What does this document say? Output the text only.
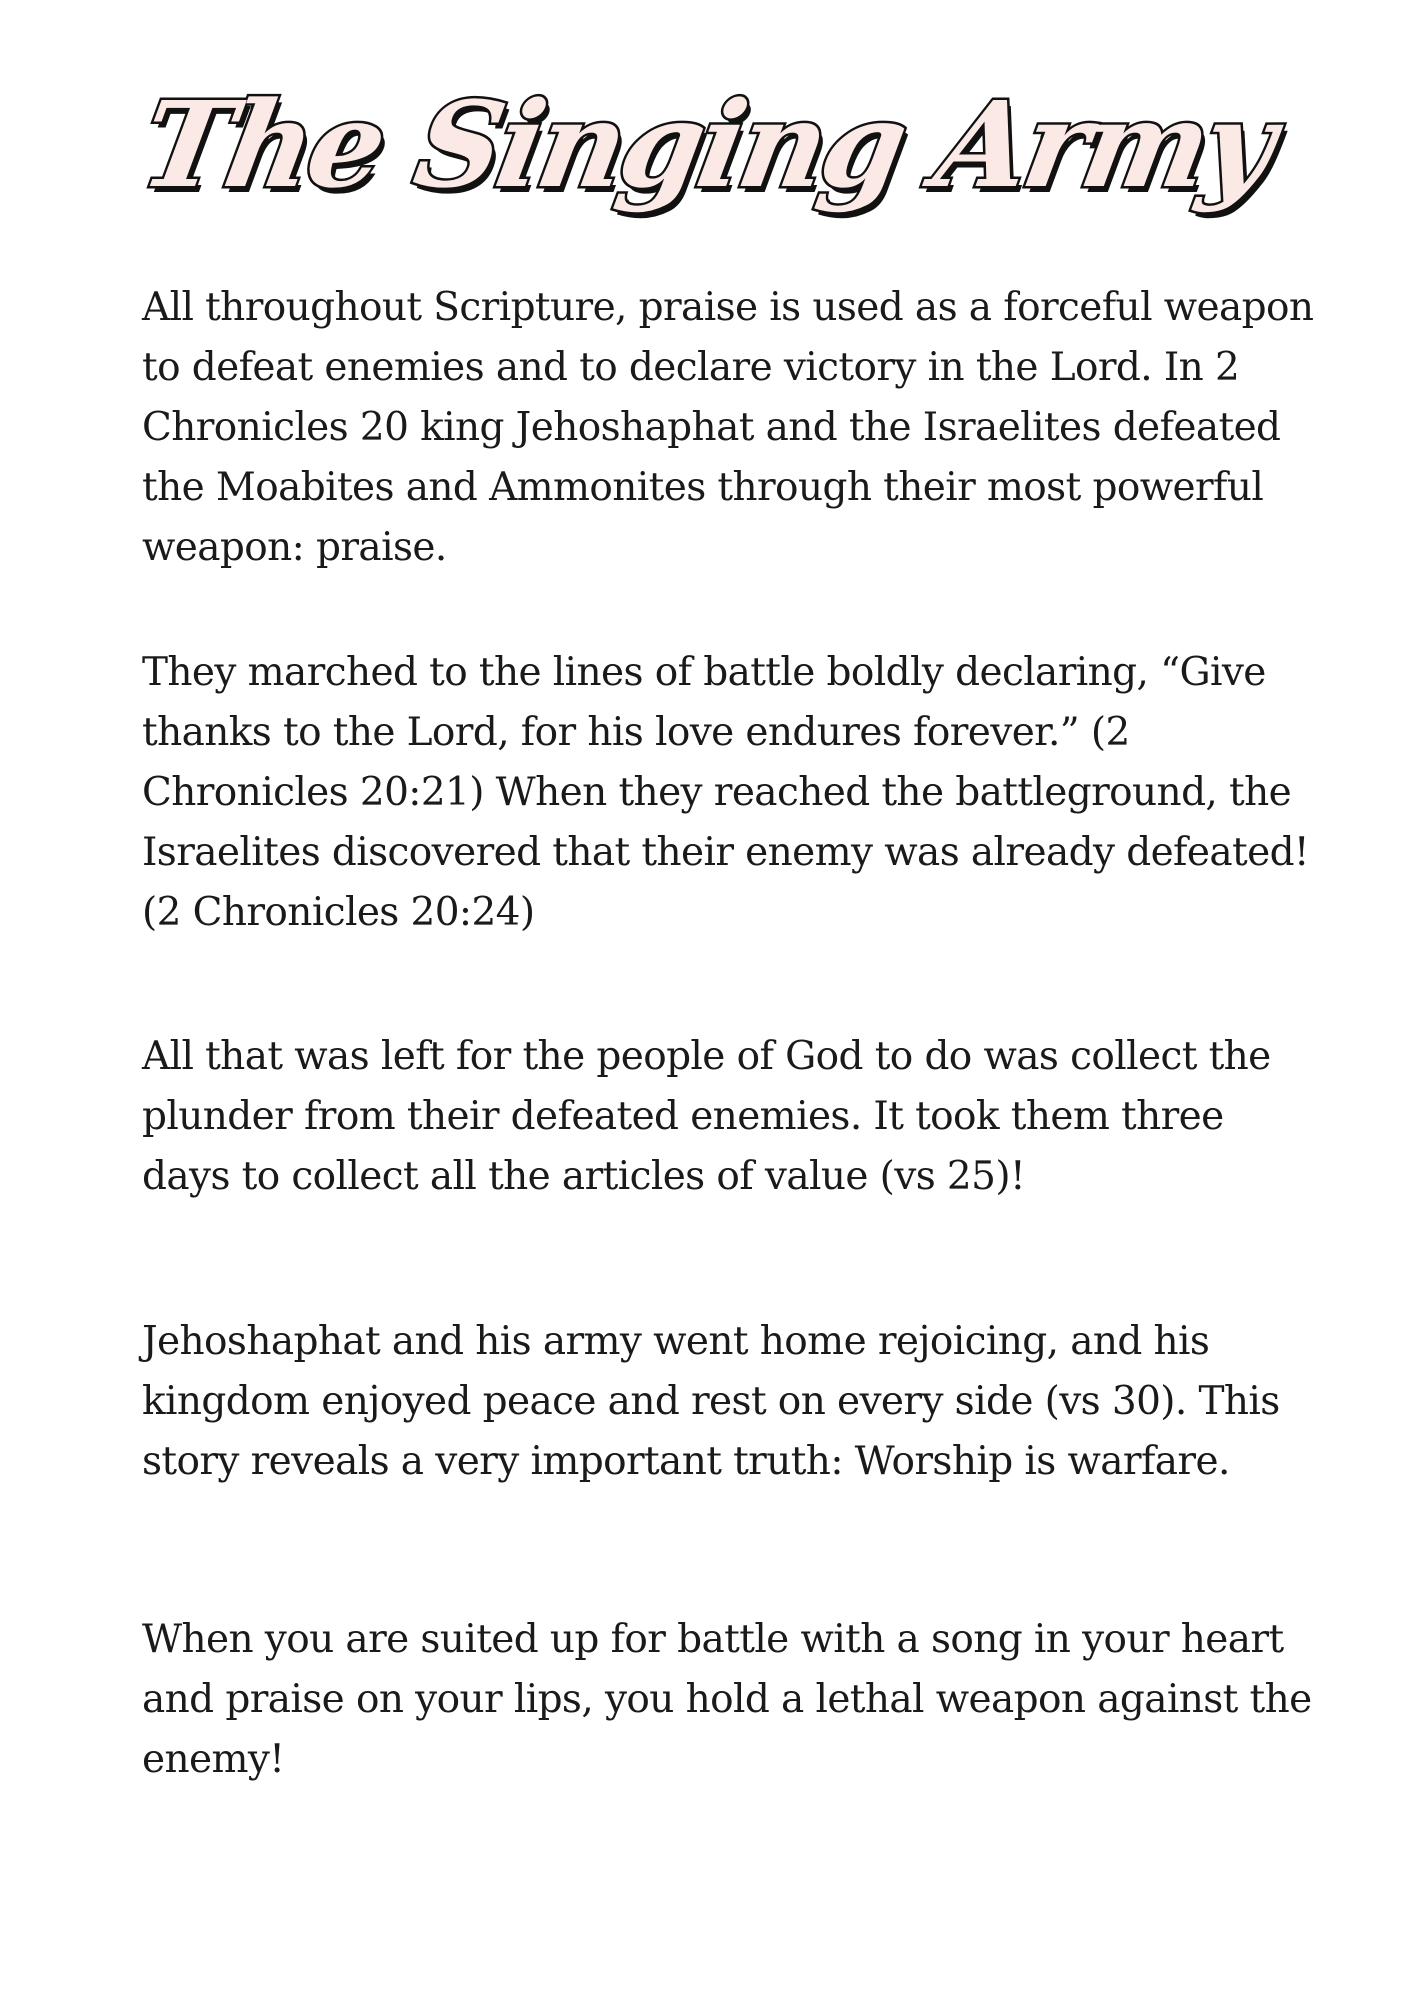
The Singing Army

All throughout Scripture, praise is used as a forceful weapon to defeat enemies and to declare victory in the Lord. In 2 Chronicles 20 king Jehoshaphat and the Israelites defeated the Moabites and Ammonites through their most powerful weapon: praise.

They marched to the lines of battle boldly declaring, “Give thanks to the Lord, for his love endures forever.” (2 Chronicles 20:21) When they reached the battleground, the Israelites discovered that their enemy was already defeated! (2 Chronicles 20:24)

All that was left for the people of God to do was collect the plunder from their defeated enemies. It took them three days to collect all the articles of value (vs 25)!

Jehoshaphat and his army went home rejoicing, and his kingdom enjoyed peace and rest on every side (vs 30). This story reveals a very important truth: Worship is warfare.

When you are suited up for battle with a song in your heart and praise on your lips, you hold a lethal weapon against the enemy!
